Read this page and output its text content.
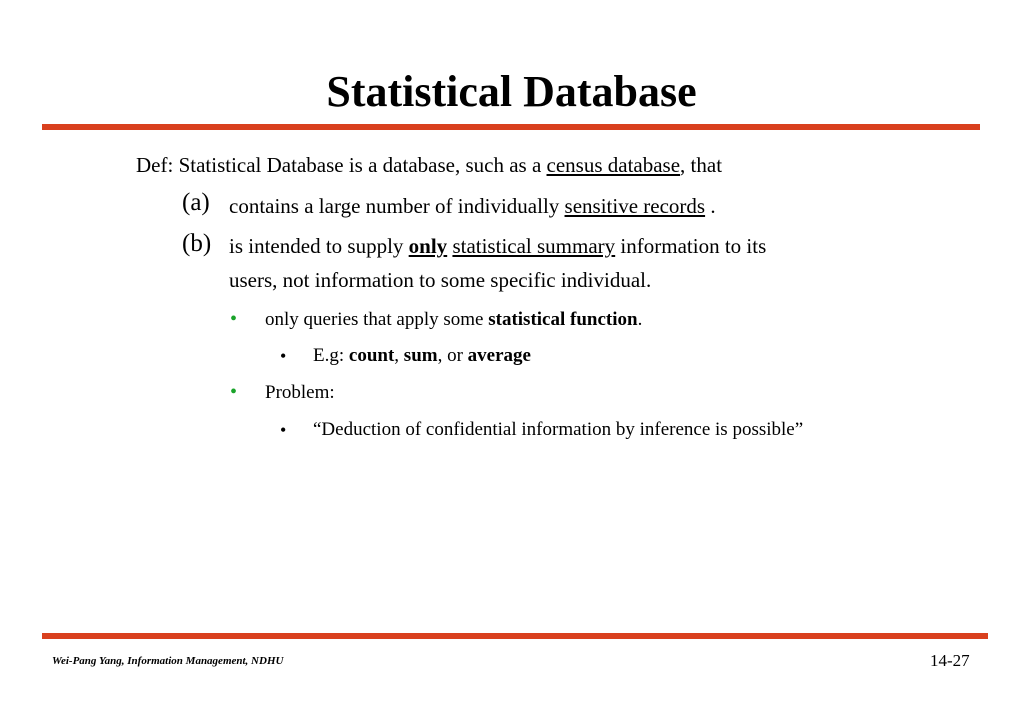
Statistical Database
Def: Statistical Database is a database, such as a census database, that
(a) contains a large number of individually sensitive records .
(b) is intended to supply only statistical summary information to its
users, not information to some specific individual.
• only queries that apply some statistical function.
• E.g: count, sum, or average
• Problem:
• “Deduction of confidential information by inference is possible”
Wei-Pang Yang, Information Management, NDHU	14-27
